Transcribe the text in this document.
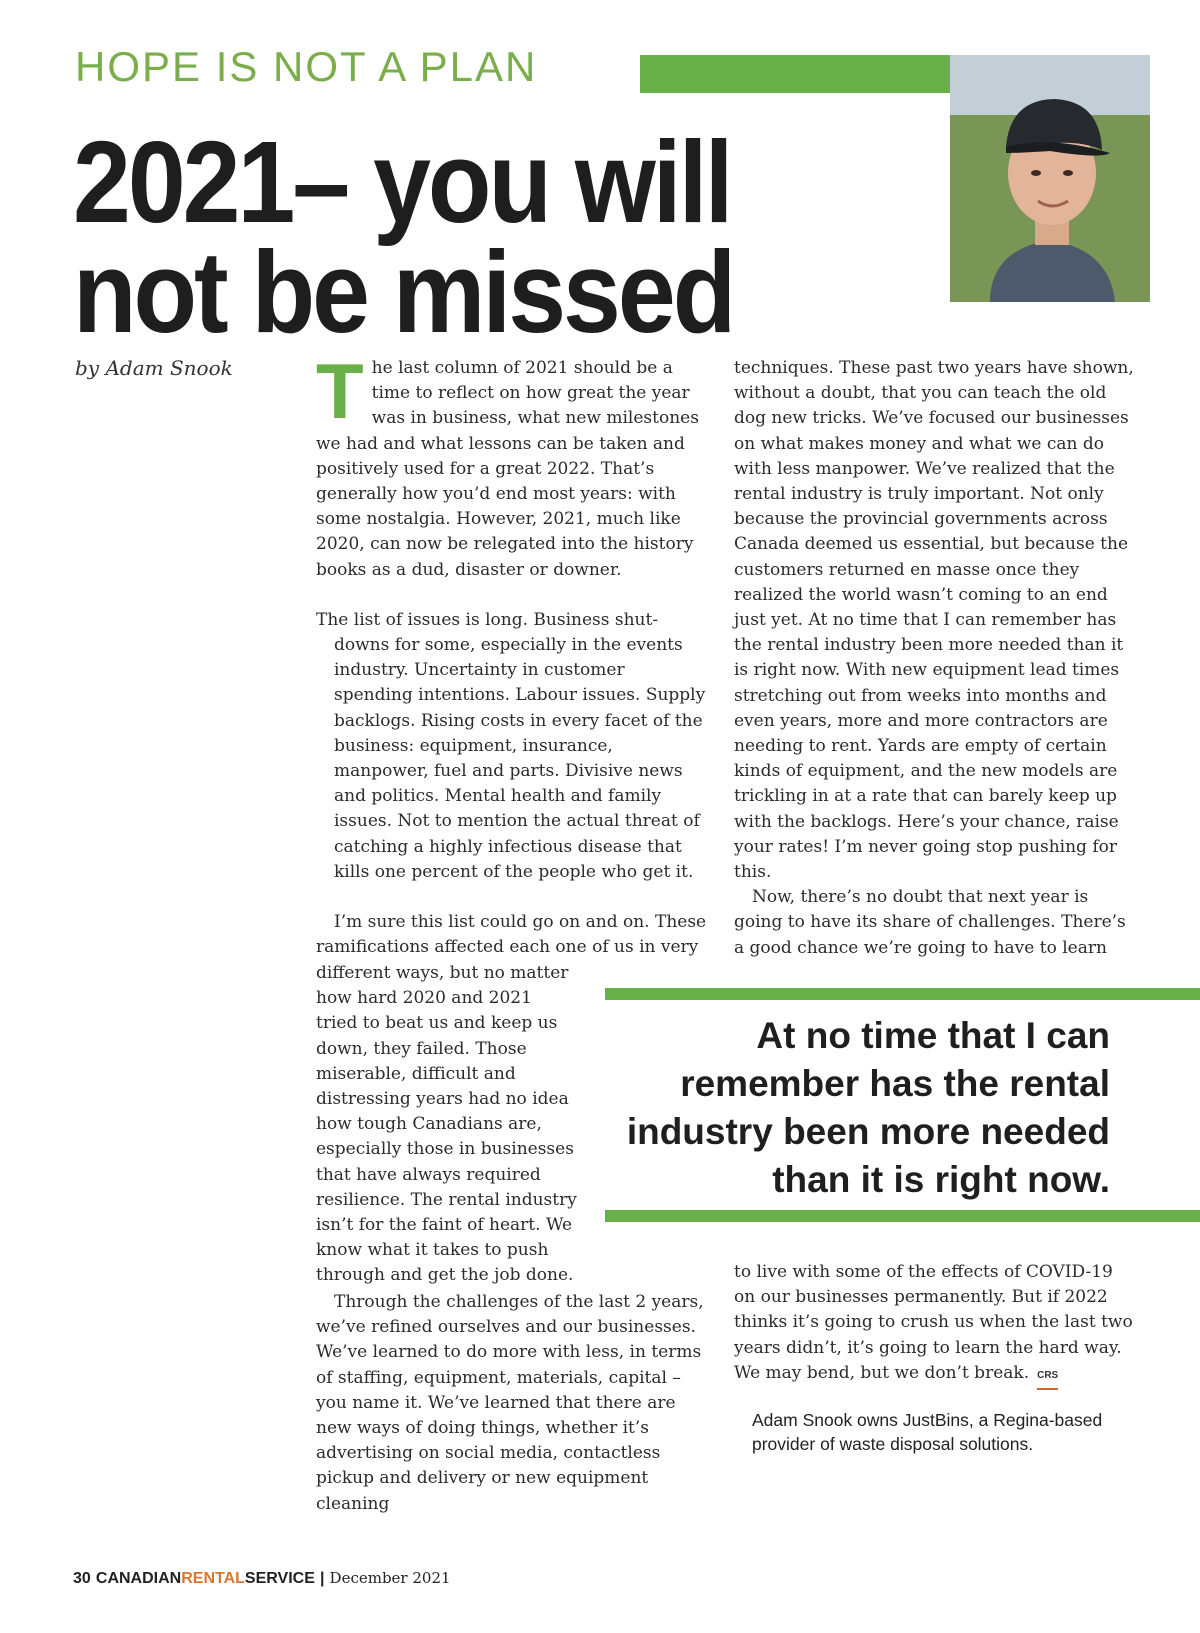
HOPE IS NOT A PLAN
2021– you will
not be missed
by Adam Snook T he last column of 2021 should be a time to reflect on how great the year was in business, what new milestones we had and what lessons can be taken and positively used for a great 2022. That’s generally how you’d end most years: with some nostalgia. However, 2021, much like 2020, can now be relegated into the history books as a dud, disaster or downer.

The list of issues is long. Business shut-downs for some, especially in the events industry. Uncertainty in customer spending intentions. Labour issues. Supply backlogs. Rising costs in every facet of the business: equipment, insurance, manpower, fuel and parts. Divisive news and politics. Mental health and family issues. Not to mention the actual threat of catching a highly infectious disease that kills one percent of the people who get it.

I’m sure this list could go on and on. These ramifications affected each one of us in very

different ways, but no matter how hard 2020 and 2021 tried to beat us and keep us down, they failed. Those miserable, difficult and distressing years had no idea how tough Canadians are, especially those in businesses that have always required resilience. The rental industry isn’t for the faint of heart. We know what it takes to push through and get the job done.

Through the challenges of the last 2 years, we’ve refined ourselves and our businesses. We’ve learned to do more with less, in terms of staffing, equipment, materials, capital – you name it. We’ve learned that there are new ways of doing things, whether it’s advertising on social media, contactless pickup and delivery or new equipment cleaning

techniques. These past two years have shown, without a doubt, that you can teach the old dog new tricks. We’ve focused our businesses on what makes money and what we can do with less manpower. We’ve realized that the rental industry is truly important. Not only because the provincial governments across Canada deemed us essential, but because the customers returned en masse once they realized the world wasn’t coming to an end just yet. At no time that I can remember has the rental industry been more needed than it is right now. With new equipment lead times stretching out from weeks into months and even years, more and more contractors are needing to rent. Yards are empty of certain kinds of equipment, and the new models are trickling in at a rate that can barely keep up with the backlogs. Here’s your chance, raise your rates! I’m never going stop pushing for this.

Now, there’s no doubt that next year is going to have its share of challenges. There’s a good chance we’re going to have to learn

At no time that I can remember has the rental industry been more needed than it is right now.

to live with some of the effects of COVID-19 on our businesses permanently. But if 2022 thinks it’s going to crush us when the last two years didn’t, it’s going to learn the hard way. We may bend, but we don’t break. CRS

Adam Snook owns JustBins, a Regina-based provider of waste disposal solutions.
30 CANADIANRENTALSERVICE | December 2021
